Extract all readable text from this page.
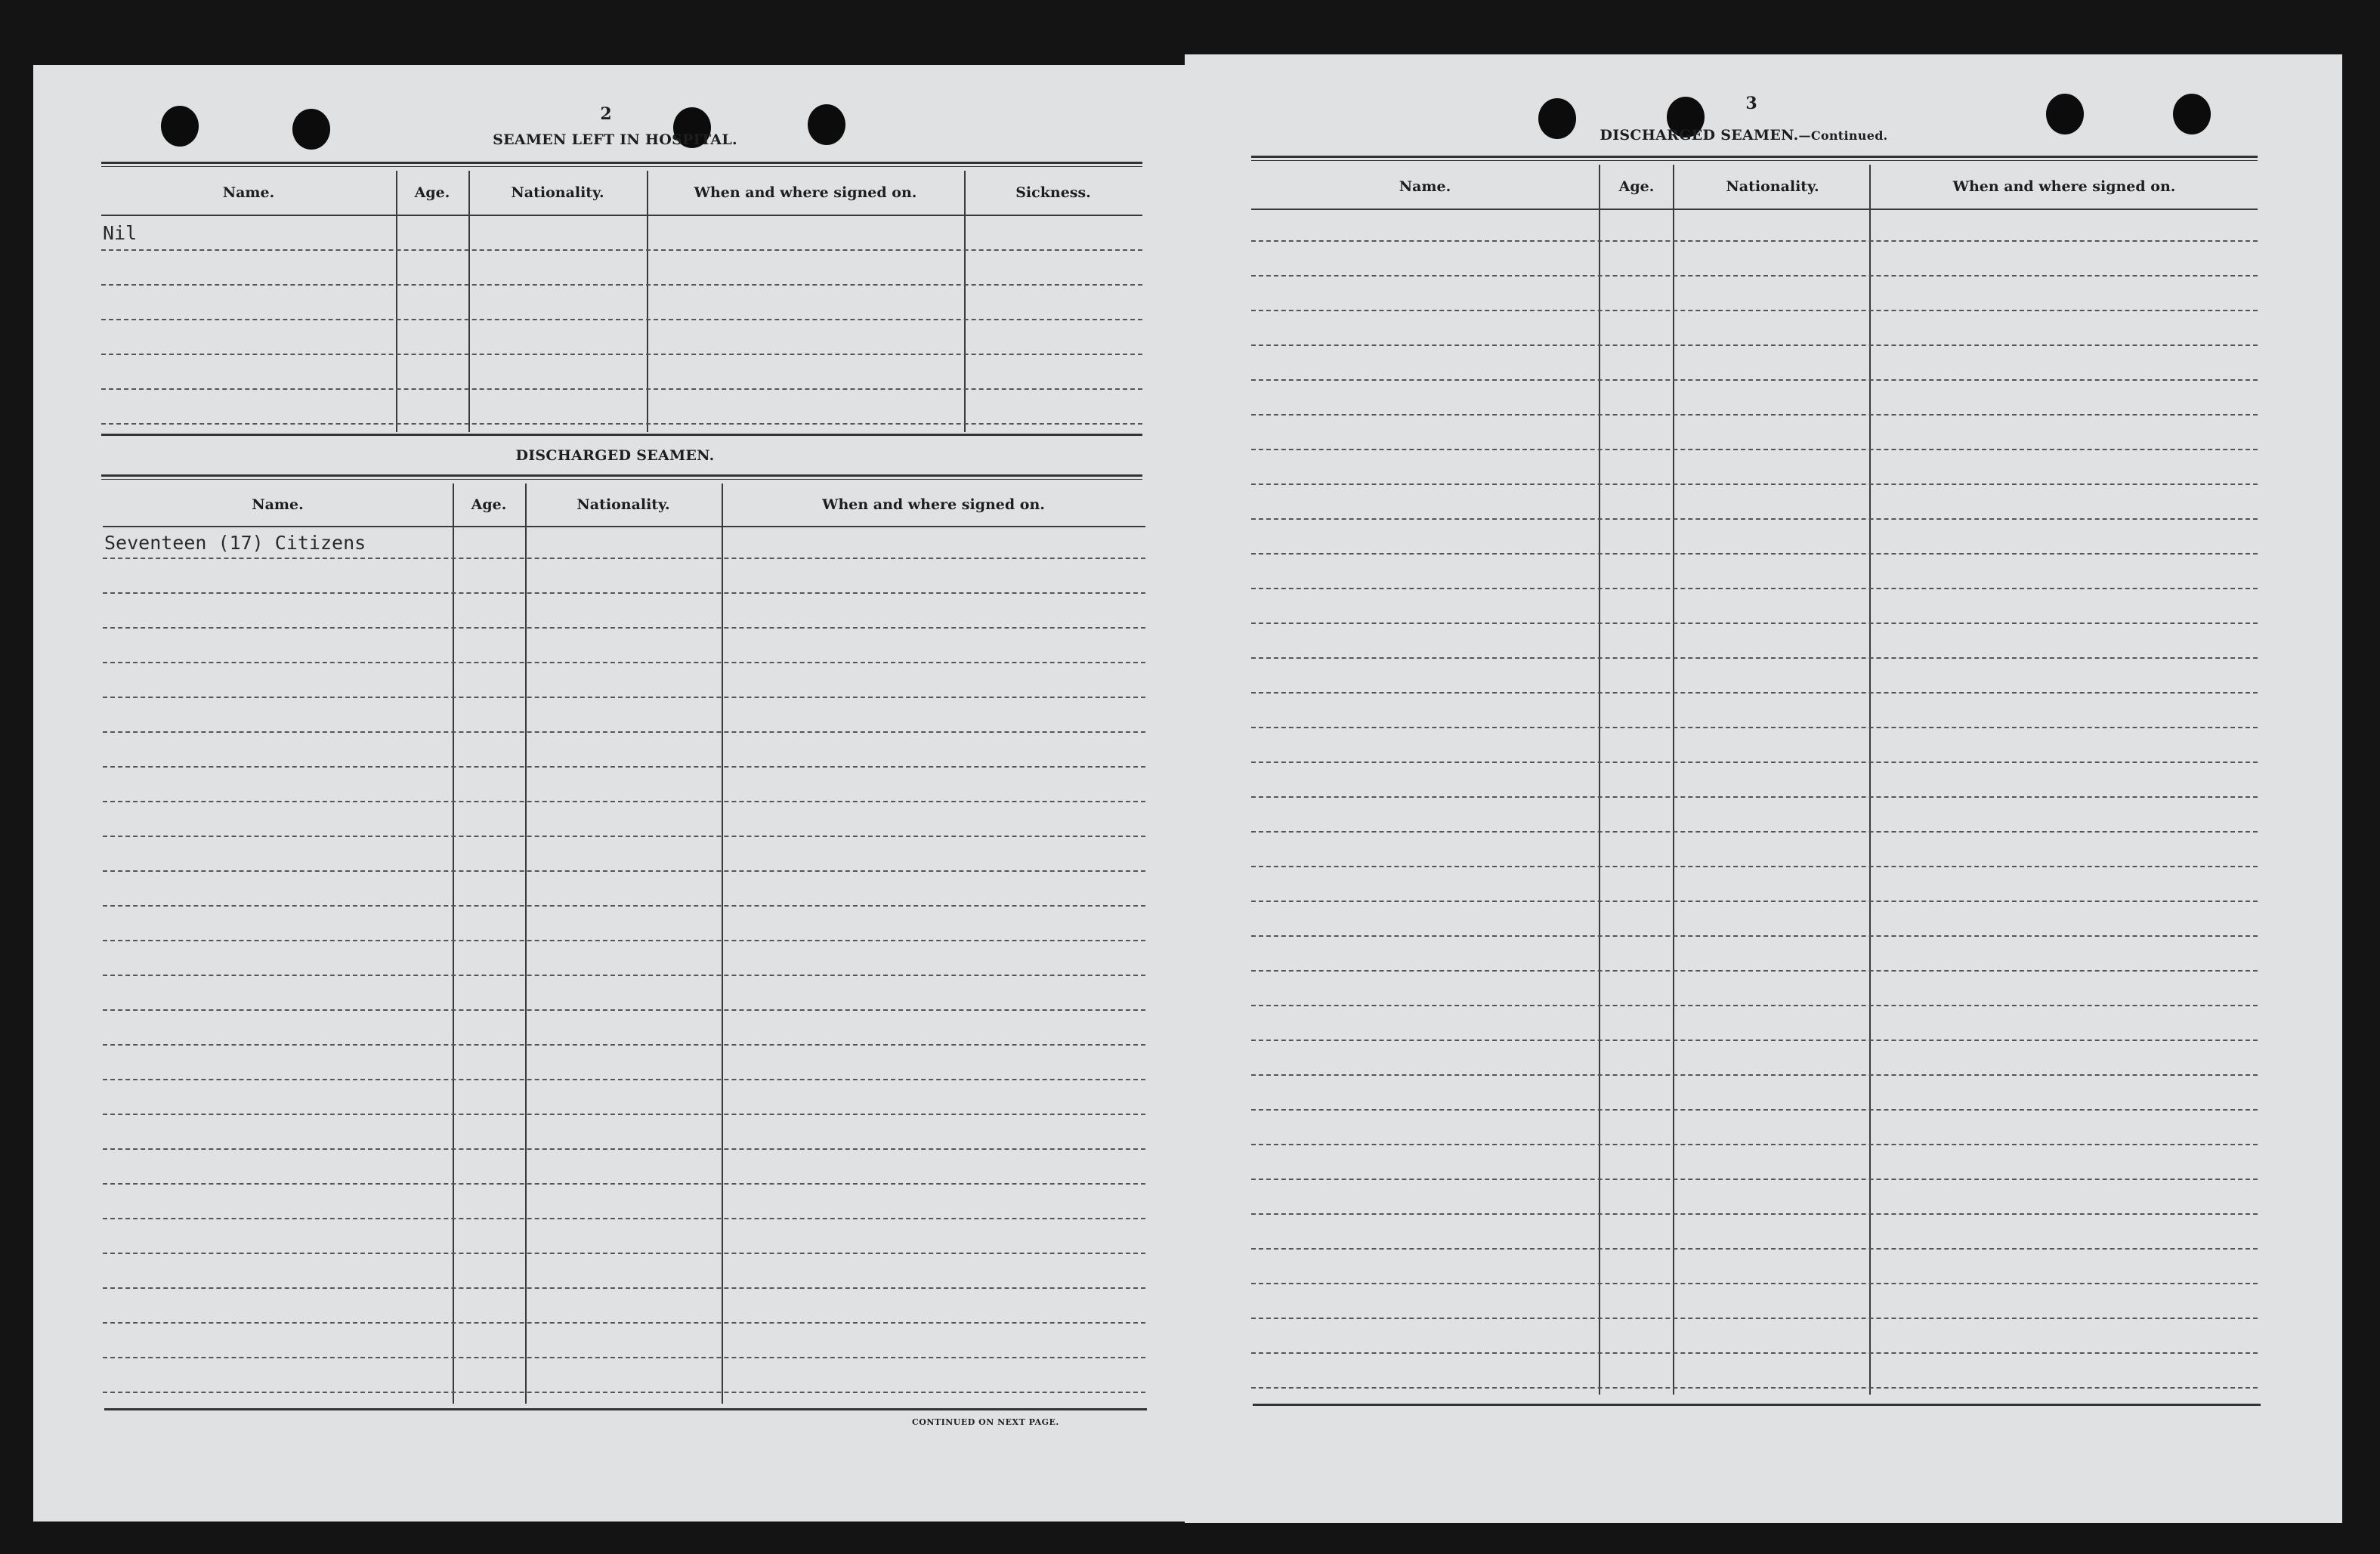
2
SEAMEN LEFT IN HOSPITAL.
Name.	Age.	Nationality.	When and where signed on.	Sickness.
Nil
DISCHARGED SEAMEN.
Name.	Age.	Nationality.	When and where signed on.
Seventeen (17) Citizens
CONTINUED ON NEXT PAGE.
3
DISCHARGED SEAMEN.—Continued.
Name.	Age.	Nationality.	When and where signed on.
